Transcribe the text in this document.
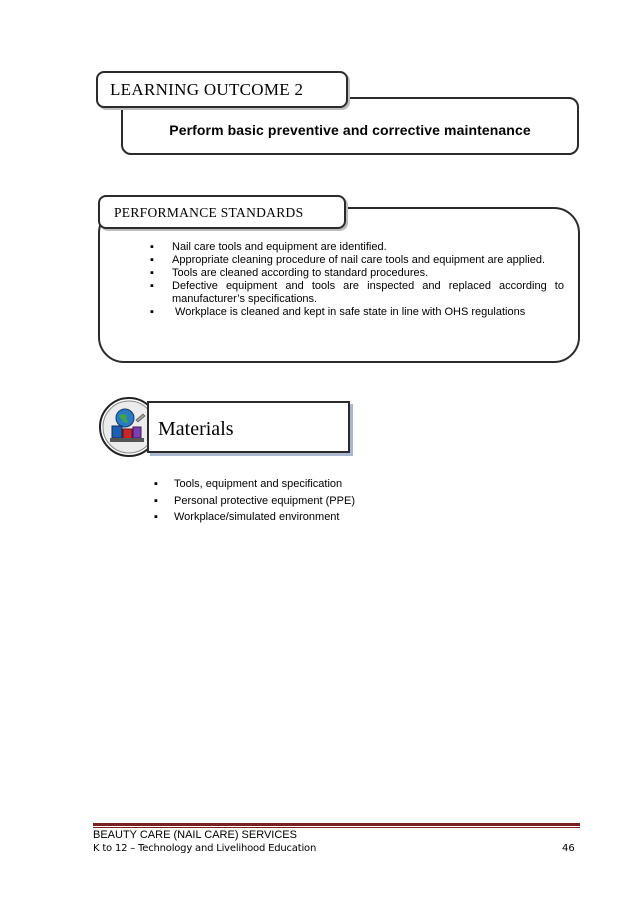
Perform basic preventive and corrective maintenance
LEARNING OUTCOME 2
PERFORMANCE STANDARDS
▪ Nail care tools and equipment are identified.
▪ Appropriate cleaning procedure of nail care tools and equipment are applied.
▪ Tools are cleaned according to standard procedures.
▪ Defective equipment and tools are inspected and replaced according to manufacturer’s specifications.
▪  Workplace is cleaned and kept in safe state in line with OHS regulations
Materials
▪ Tools, equipment and specification
▪ Personal protective equipment (PPE)
▪ Workplace/simulated environment
BEAUTY CARE (NAIL CARE) SERVICES
K to 12 – Technology and Livelihood Education	46
